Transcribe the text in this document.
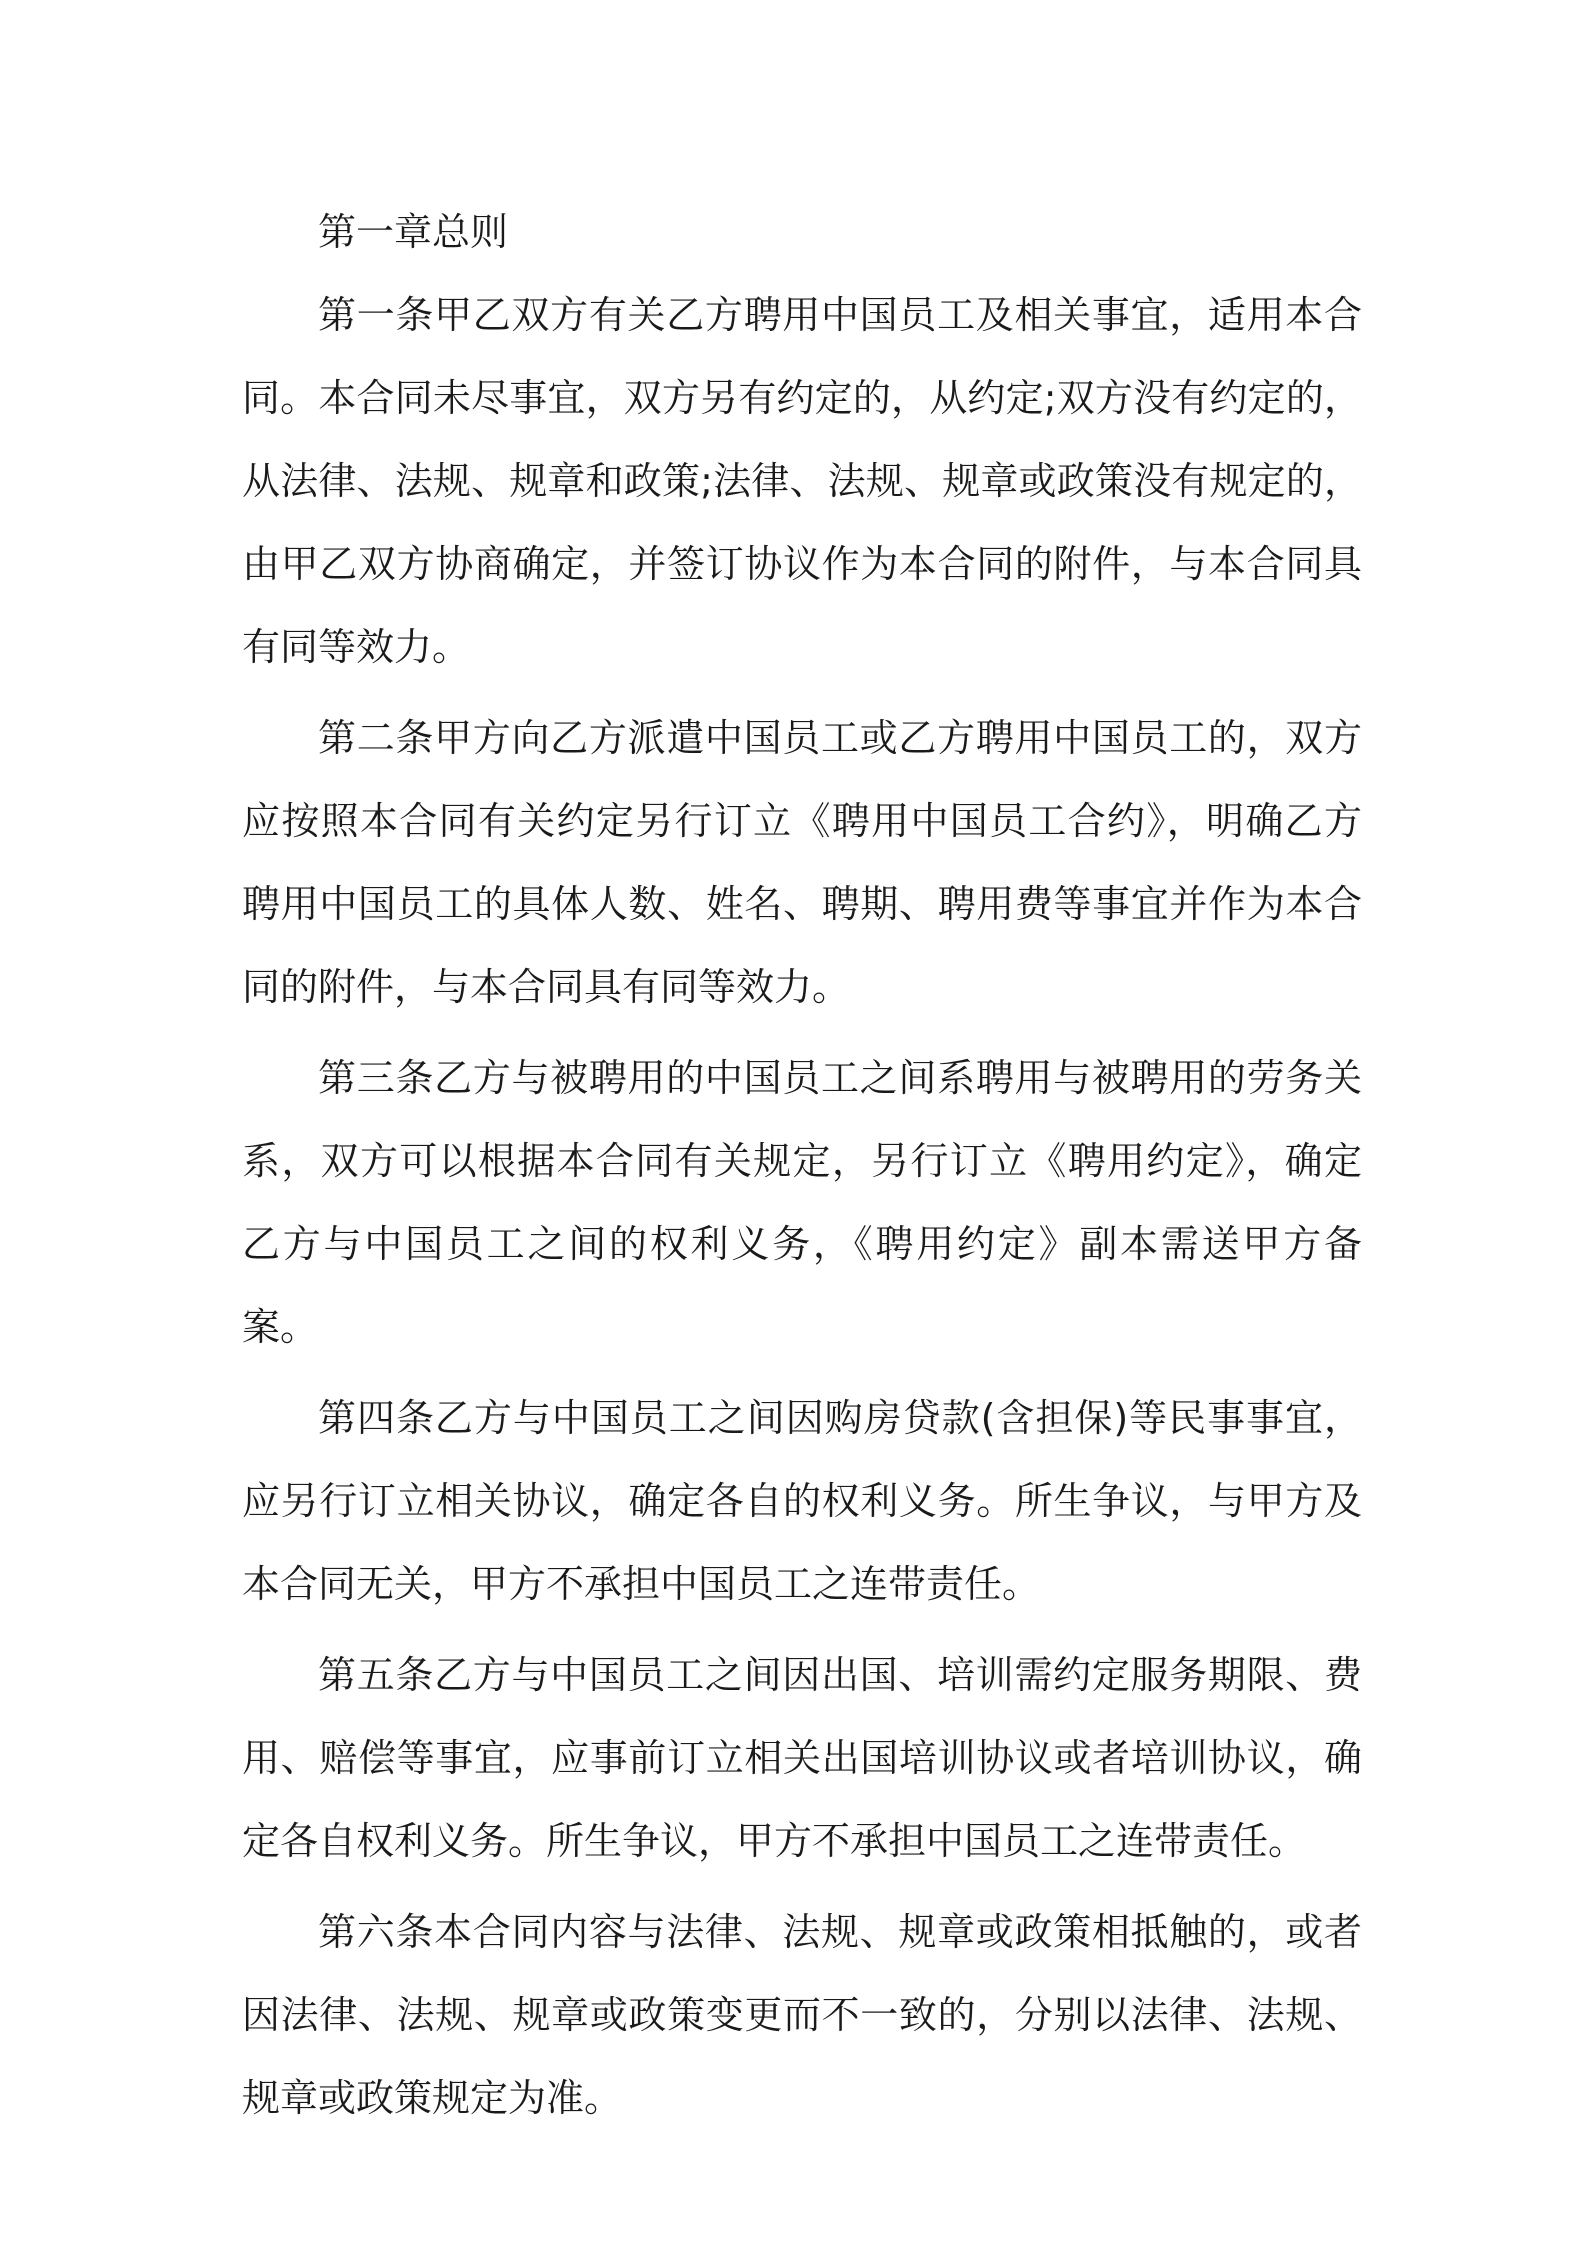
第一章总则

第一条甲乙双方有关乙方聘用中国员工及相关事宜，适用本合同。本合同未尽事宜，双方另有约定的，从约定;双方没有约定的，从法律、法规、规章和政策;法律、法规、规章或政策没有规定的，由甲乙双方协商确定，并签订协议作为本合同的附件，与本合同具有同等效力。

第二条甲方向乙方派遣中国员工或乙方聘用中国员工的，双方应按照本合同有关约定另行订立《聘用中国员工合约》，明确乙方聘用中国员工的具体人数、姓名、聘期、聘用费等事宜并作为本合同的附件，与本合同具有同等效力。

第三条乙方与被聘用的中国员工之间系聘用与被聘用的劳务关系，双方可以根据本合同有关规定，另行订立《聘用约定》，确定乙方与中国员工之间的权利义务，《聘用约定》副本需送甲方备案。

第四条乙方与中国员工之间因购房贷款(含担保)等民事事宜，应另行订立相关协议，确定各自的权利义务。所生争议，与甲方及本合同无关，甲方不承担中国员工之连带责任。

第五条乙方与中国员工之间因出国、培训需约定服务期限、费用、赔偿等事宜，应事前订立相关出国培训协议或者培训协议，确定各自权利义务。所生争议，甲方不承担中国员工之连带责任。

第六条本合同内容与法律、法规、规章或政策相抵触的，或者因法律、法规、规章或政策变更而不一致的，分别以法律、法规、规章或政策规定为准。
